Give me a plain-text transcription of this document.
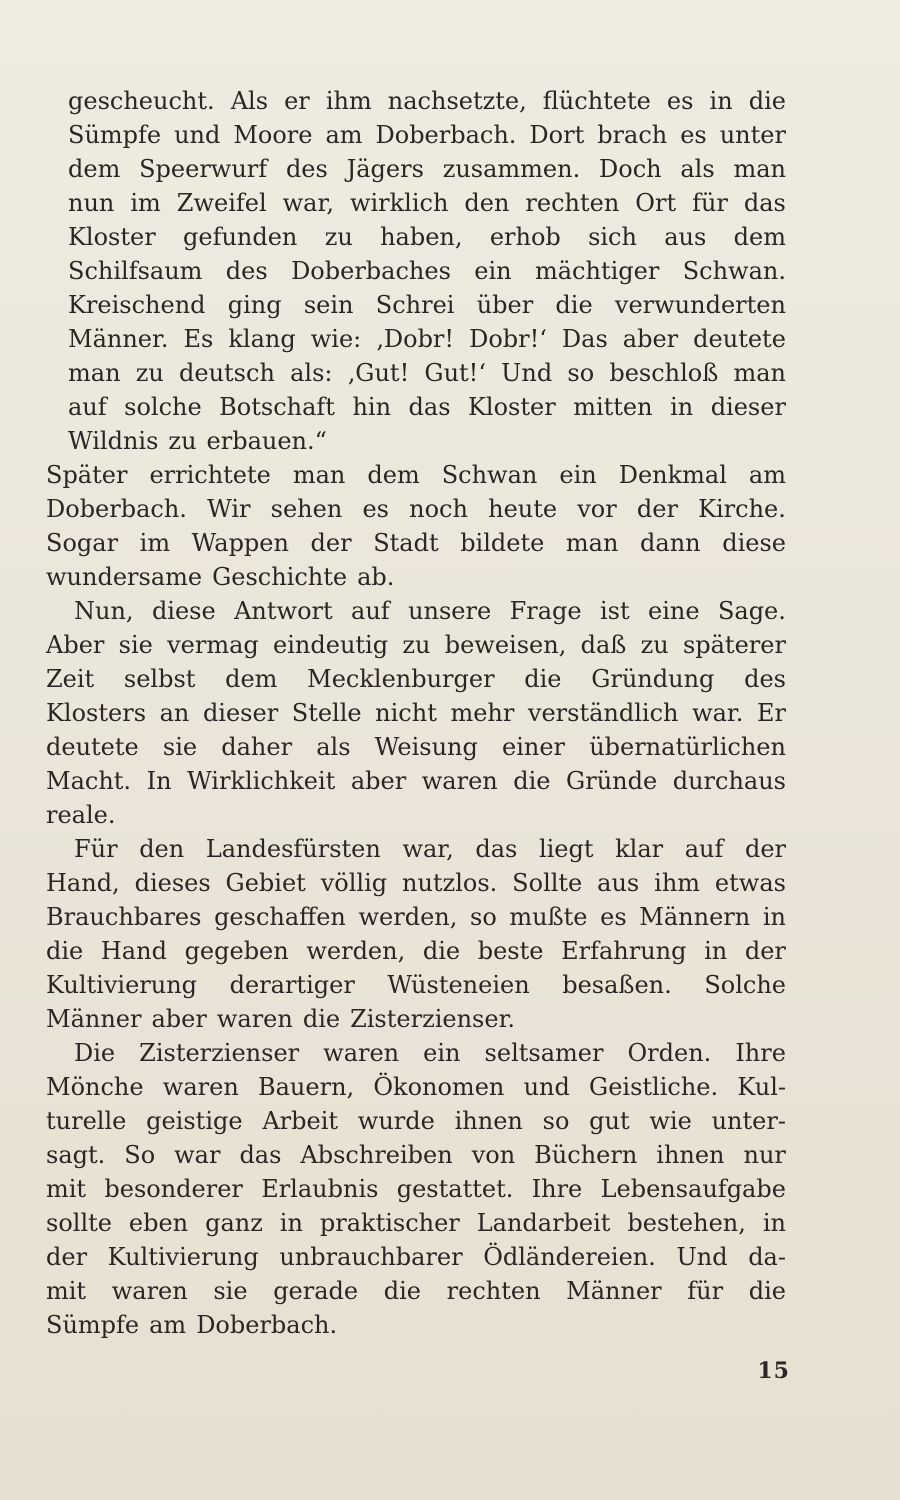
gescheucht. Als er ihm nachsetzte, flüchtete es in die
Sümpfe und Moore am Doberbach. Dort brach es unter
dem Speerwurf des Jägers zusammen. Doch als man
nun im Zweifel war, wirklich den rechten Ort für das
Kloster gefunden zu haben, erhob sich aus dem
Schilfsaum des Doberbaches ein mächtiger Schwan.
Kreischend ging sein Schrei über die verwunderten
Männer. Es klang wie: ‚Dobr! Dobr!‘ Das aber deutete
man zu deutsch als: ‚Gut! Gut!‘ Und so beschloß man
auf solche Botschaft hin das Kloster mitten in dieser
Wildnis zu erbauen.“
Später errichtete man dem Schwan ein Denkmal am
Doberbach. Wir sehen es noch heute vor der Kirche.
Sogar im Wappen der Stadt bildete man dann diese
wundersame Geschichte ab.
Nun, diese Antwort auf unsere Frage ist eine Sage.
Aber sie vermag eindeutig zu beweisen, daß zu späterer
Zeit selbst dem Mecklenburger die Gründung des
Klosters an dieser Stelle nicht mehr verständlich war. Er
deutete sie daher als Weisung einer übernatürlichen
Macht. In Wirklichkeit aber waren die Gründe durchaus
reale.
Für den Landesfürsten war, das liegt klar auf der
Hand, dieses Gebiet völlig nutzlos. Sollte aus ihm etwas
Brauchbares geschaffen werden, so mußte es Männern in
die Hand gegeben werden, die beste Erfahrung in der
Kultivierung derartiger Wüsteneien besaßen. Solche
Männer aber waren die Zisterzienser.
Die Zisterzienser waren ein seltsamer Orden. Ihre
Mönche waren Bauern, Ökonomen und Geistliche. Kul-
turelle geistige Arbeit wurde ihnen so gut wie unter-
sagt. So war das Abschreiben von Büchern ihnen nur
mit besonderer Erlaubnis gestattet. Ihre Lebensaufgabe
sollte eben ganz in praktischer Landarbeit bestehen, in
der Kultivierung unbrauchbarer Ödländereien. Und da-
mit waren sie gerade die rechten Männer für die
Sümpfe am Doberbach.
15
